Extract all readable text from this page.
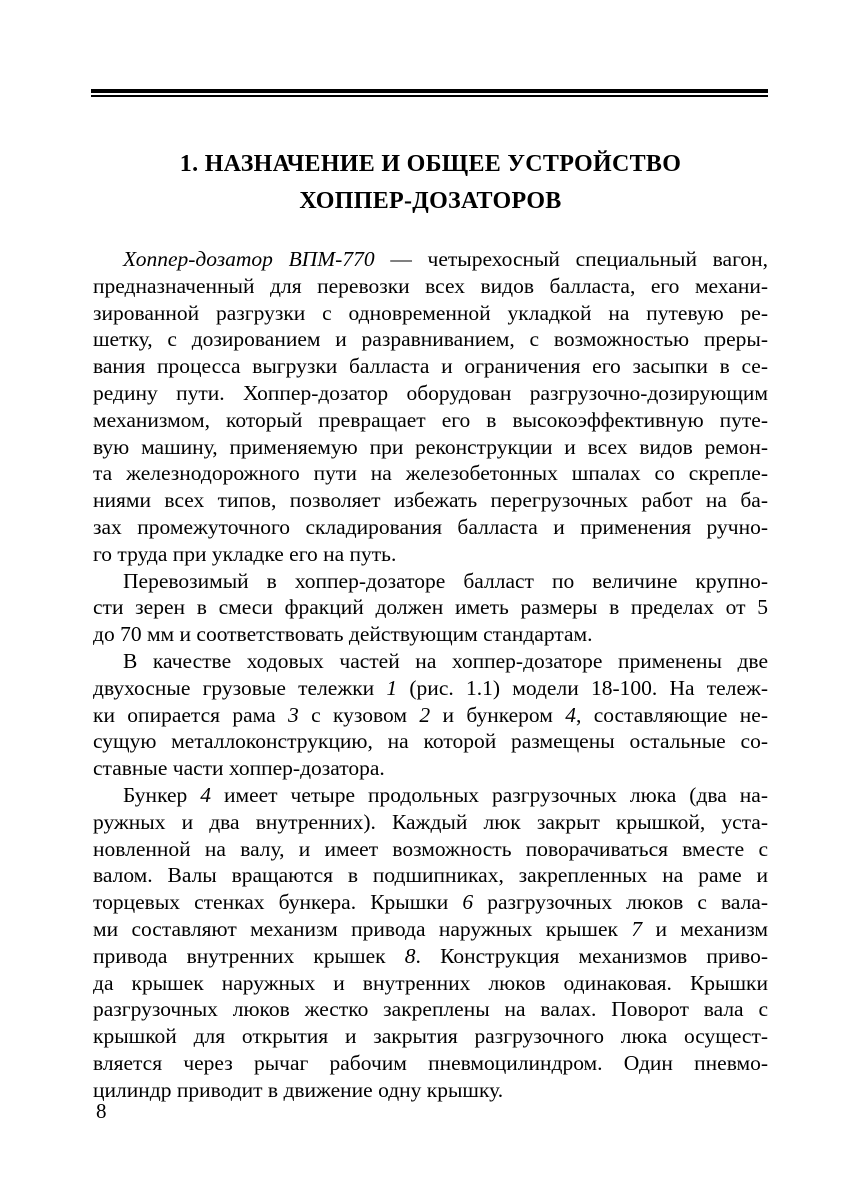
1. НАЗНАЧЕНИЕ И ОБЩЕЕ УСТРОЙСТВО
ХОППЕР-ДОЗАТОРОВ
Хоппер-дозатор ВПМ-770 — четырехосный специальный вагон,
предназначенный для перевозки всех видов балласта, его механи-
зированной разгрузки с одновременной укладкой на путевую ре-
шетку, с дозированием и разравниванием, с возможностью преры-
вания процесса выгрузки балласта и ограничения его засыпки в се-
редину пути. Хоппер-дозатор оборудован разгрузочно-дозирующим
механизмом, который превращает его в высокоэффективную путе-
вую машину, применяемую при реконструкции и всех видов ремон-
та железнодорожного пути на железобетонных шпалах со скрепле-
ниями всех типов, позволяет избежать перегрузочных работ на ба-
зах промежуточного складирования балласта и применения ручно-
го труда при укладке его на путь.
Перевозимый в хоппер-дозаторе балласт по величине крупно-
сти зерен в смеси фракций должен иметь размеры в пределах от 5
до 70 мм и соответствовать действующим стандартам.
В качестве ходовых частей на хоппер-дозаторе применены две
двухосные грузовые тележки 1 (рис. 1.1) модели 18-100. На тележ-
ки опирается рама 3 с кузовом 2 и бункером 4, составляющие не-
сущую металлоконструкцию, на которой размещены остальные со-
ставные части хоппер-дозатора.
Бункер 4 имеет четыре продольных разгрузочных люка (два на-
ружных и два внутренних). Каждый люк закрыт крышкой, уста-
новленной на валу, и имеет возможность поворачиваться вместе с
валом. Валы вращаются в подшипниках, закрепленных на раме и
торцевых стенках бункера. Крышки 6 разгрузочных люков с вала-
ми составляют механизм привода наружных крышек 7 и механизм
привода внутренних крышек 8. Конструкция механизмов приво-
да крышек наружных и внутренних люков одинаковая. Крышки
разгрузочных люков жестко закреплены на валах. Поворот вала с
крышкой для открытия и закрытия разгрузочного люка осущест-
вляется через рычаг рабочим пневмоцилиндром. Один пневмо-
цилиндр приводит в движение одну крышку.
8
